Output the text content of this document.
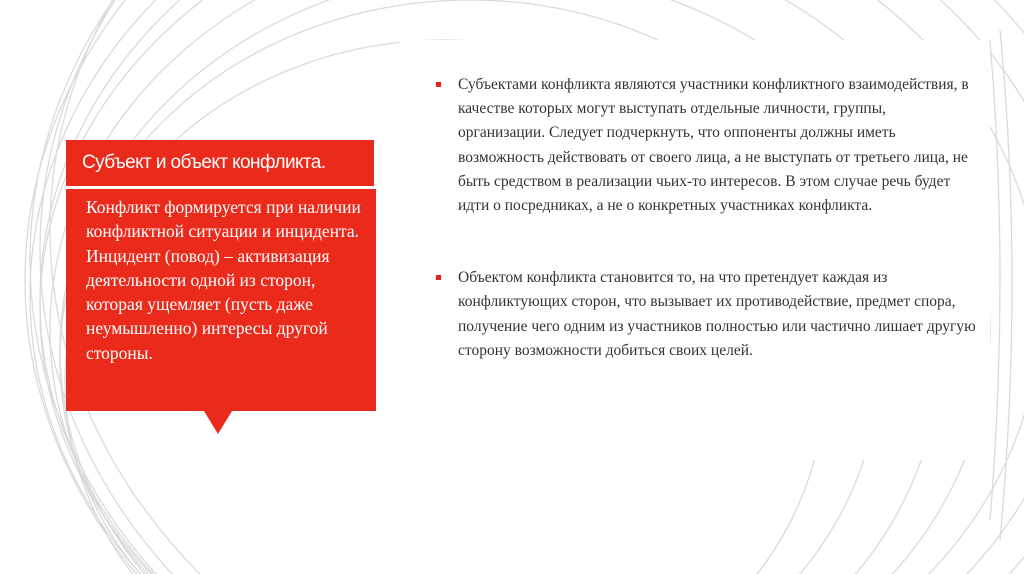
Субъект и объект конфликта.

Конфликт формируется при наличии конфликтной ситуации и инцидента. Инцидент (повод) – активизация деятельности одной из сторон, которая ущемляет (пусть даже неумышленно) интересы другой стороны.

Субъектами конфликта являются участники конфликтного взаимодействия, в качестве которых могут выступать отдельные личности, группы, организации. Следует подчеркнуть, что оппоненты должны иметь возможность действовать от своего лица, а не выступать от третьего лица, не быть средством в реализации чьих-то интересов. В этом случае речь будет идти о посредниках, а не о конкретных участниках конфликта.
Объектом конфликта становится то, на что претендует каждая из конфликтующих сторон, что вызывает их противодействие, предмет спора, получение чего одним из участников полностью или частично лишает другую сторону возможности добиться своих целей.
